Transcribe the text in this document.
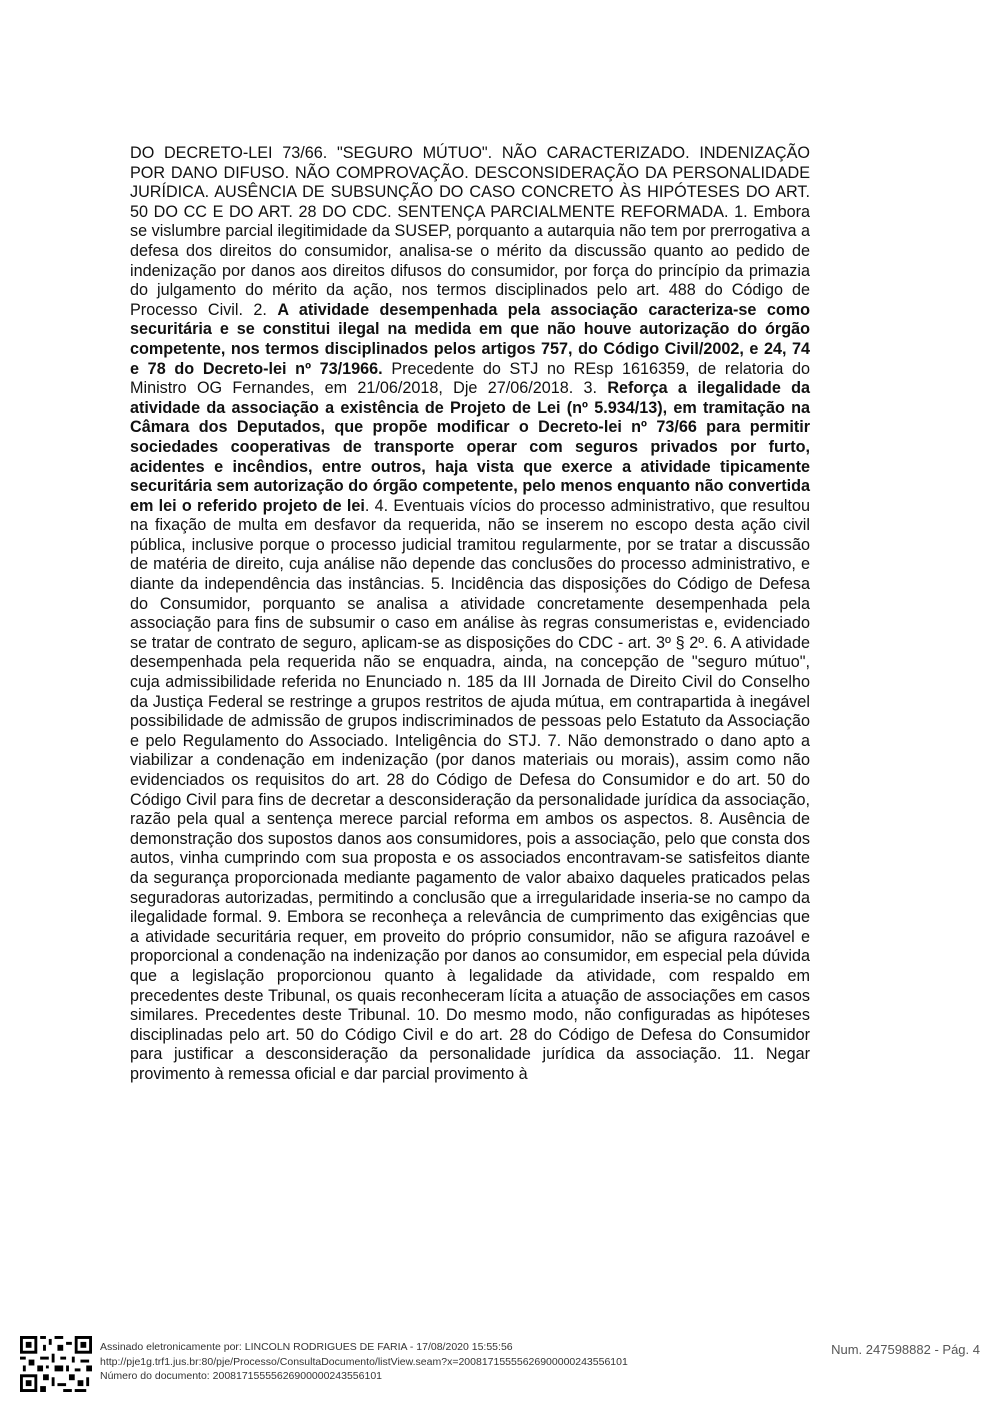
DO DECRETO-LEI 73/66. "SEGURO MÚTUO". NÃO CARACTERIZADO. INDENIZAÇÃO POR DANO DIFUSO. NÃO COMPROVAÇÃO. DESCONSIDERAÇÃO DA PERSONALIDADE JURÍDICA. AUSÊNCIA DE SUBSUNÇÃO DO CASO CONCRETO ÀS HIPÓTESES DO ART. 50 DO CC E DO ART. 28 DO CDC. SENTENÇA PARCIALMENTE REFORMADA. 1. Embora se vislumbre parcial ilegitimidade da SUSEP, porquanto a autarquia não tem por prerrogativa a defesa dos direitos do consumidor, analisa-se o mérito da discussão quanto ao pedido de indenização por danos aos direitos difusos do consumidor, por força do princípio da primazia do julgamento do mérito da ação, nos termos disciplinados pelo art. 488 do Código de Processo Civil. 2. A atividade desempenhada pela associação caracteriza-se como securitária e se constitui ilegal na medida em que não houve autorização do órgão competente, nos termos disciplinados pelos artigos 757, do Código Civil/2002, e 24, 74 e 78 do Decreto-lei nº 73/1966. Precedente do STJ no REsp 1616359, de relatoria do Ministro OG Fernandes, em 21/06/2018, Dje 27/06/2018. 3. Reforça a ilegalidade da atividade da associação a existência de Projeto de Lei (nº 5.934/13), em tramitação na Câmara dos Deputados, que propõe modificar o Decreto-lei nº 73/66 para permitir sociedades cooperativas de transporte operar com seguros privados por furto, acidentes e incêndios, entre outros, haja vista que exerce a atividade tipicamente securitária sem autorização do órgão competente, pelo menos enquanto não convertida em lei o referido projeto de lei. 4. Eventuais vícios do processo administrativo, que resultou na fixação de multa em desfavor da requerida, não se inserem no escopo desta ação civil pública, inclusive porque o processo judicial tramitou regularmente, por se tratar a discussão de matéria de direito, cuja análise não depende das conclusões do processo administrativo, e diante da independência das instâncias. 5. Incidência das disposições do Código de Defesa do Consumidor, porquanto se analisa a atividade concretamente desempenhada pela associação para fins de subsumir o caso em análise às regras consumeristas e, evidenciado se tratar de contrato de seguro, aplicam-se as disposições do CDC - art. 3º § 2º. 6. A atividade desempenhada pela requerida não se enquadra, ainda, na concepção de "seguro mútuo", cuja admissibilidade referida no Enunciado n. 185 da III Jornada de Direito Civil do Conselho da Justiça Federal se restringe a grupos restritos de ajuda mútua, em contrapartida à inegável possibilidade de admissão de grupos indiscriminados de pessoas pelo Estatuto da Associação e pelo Regulamento do Associado. Inteligência do STJ. 7. Não demonstrado o dano apto a viabilizar a condenação em indenização (por danos materiais ou morais), assim como não evidenciados os requisitos do art. 28 do Código de Defesa do Consumidor e do art. 50 do Código Civil para fins de decretar a desconsideração da personalidade jurídica da associação, razão pela qual a sentença merece parcial reforma em ambos os aspectos. 8. Ausência de demonstração dos supostos danos aos consumidores, pois a associação, pelo que consta dos autos, vinha cumprindo com sua proposta e os associados encontravam-se satisfeitos diante da segurança proporcionada mediante pagamento de valor abaixo daqueles praticados pelas seguradoras autorizadas, permitindo a conclusão que a irregularidade inseria-se no campo da ilegalidade formal. 9. Embora se reconheça a relevância de cumprimento das exigências que a atividade securitária requer, em proveito do próprio consumidor, não se afigura razoável e proporcional a condenação na indenização por danos ao consumidor, em especial pela dúvida que a legislação proporcionou quanto à legalidade da atividade, com respaldo em precedentes deste Tribunal, os quais reconheceram lícita a atuação de associações em casos similares. Precedentes deste Tribunal. 10. Do mesmo modo, não configuradas as hipóteses disciplinadas pelo art. 50 do Código Civil e do art. 28 do Código de Defesa do Consumidor para justificar a desconsideração da personalidade jurídica da associação. 11. Negar provimento à remessa oficial e dar parcial provimento à
Assinado eletronicamente por: LINCOLN RODRIGUES DE FARIA - 17/08/2020 15:55:56
http://pje1g.trf1.jus.br:80/pje/Processo/ConsultaDocumento/listView.seam?x=20081715555626900000243556101
Número do documento: 20081715555626900000243556101
Num. 247598882 - Pág. 4
